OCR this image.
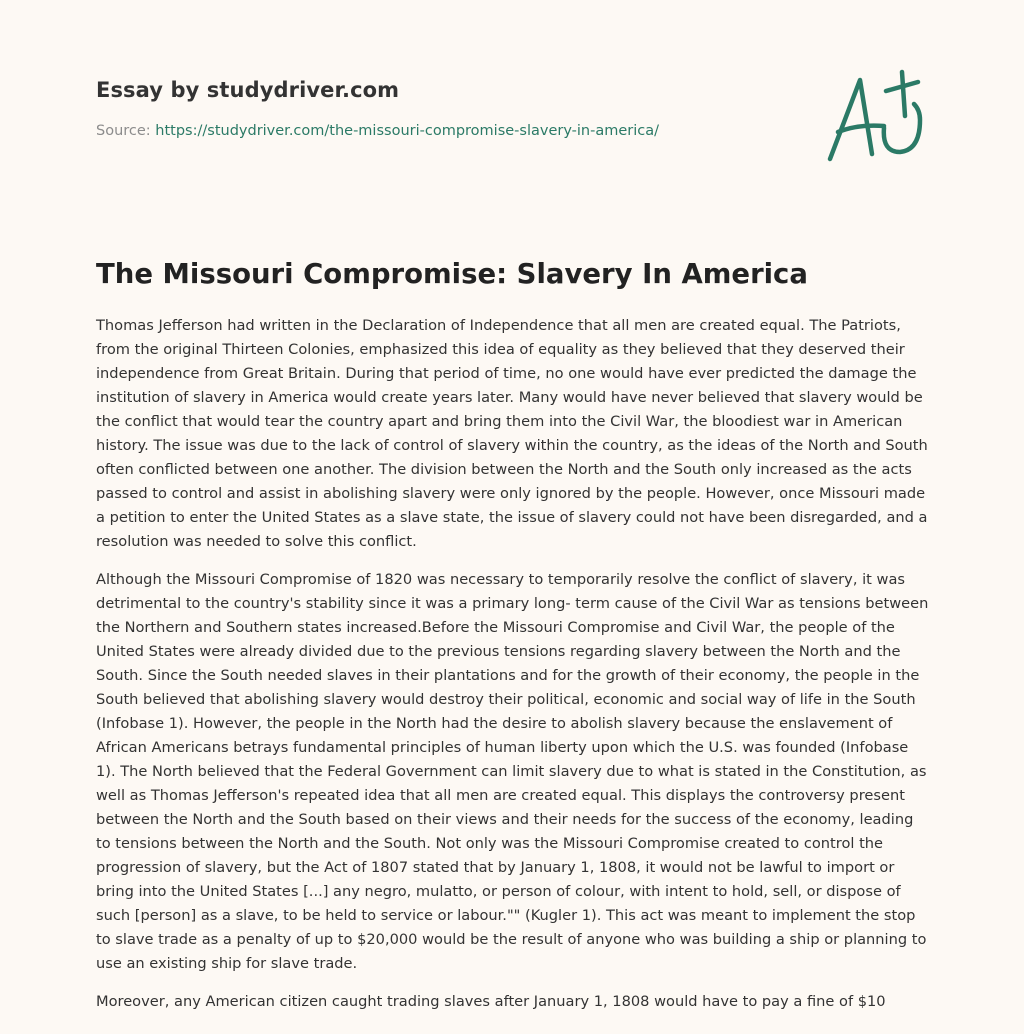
Essay by studydriver.com
Source: https://studydriver.com/the-missouri-compromise-slavery-in-america/
The Missouri Compromise: Slavery In America

Thomas Jefferson had written in the Declaration of Independence that all men are created equal. The Patriots, from the original Thirteen Colonies, emphasized this idea of equality as they believed that they deserved their independence from Great Britain. During that period of time, no one would have ever predicted the damage the institution of slavery in America would create years later. Many would have never believed that slavery would be the conflict that would tear the country apart and bring them into the Civil War, the bloodiest war in American history. The issue was due to the lack of control of slavery within the country, as the ideas of the North and South often conflicted between one another. The division between the North and the South only increased as the acts passed to control and assist in abolishing slavery were only ignored by the people. However, once Missouri made a petition to enter the United States as a slave state, the issue of slavery could not have been disregarded, and a resolution was needed to solve this conflict.

Although the Missouri Compromise of 1820 was necessary to temporarily resolve the conflict of slavery, it was detrimental to the country's stability since it was a primary long- term cause of the Civil War as tensions between the Northern and Southern states increased.Before the Missouri Compromise and Civil War, the people of the United States were already divided due to the previous tensions regarding slavery between the North and the South. Since the South needed slaves in their plantations and for the growth of their economy, the people in the South believed that abolishing slavery would destroy their political, economic and social way of life in the South (Infobase 1). However, the people in the North had the desire to abolish slavery because the enslavement of African Americans betrays fundamental principles of human liberty upon which the U.S. was founded (Infobase 1). The North believed that the Federal Government can limit slavery due to what is stated in the Constitution, as well as Thomas Jefferson's repeated idea that all men are created equal. This displays the controversy present between the North and the South based on their views and their needs for the success of the economy, leading to tensions between the North and the South. Not only was the Missouri Compromise created to control the progression of slavery, but the Act of 1807 stated that by January 1, 1808, it would not be lawful to import or bring into the United States [...] any negro, mulatto, or person of colour, with intent to hold, sell, or dispose of such [person] as a slave, to be held to service or labour."" (Kugler 1). This act was meant to implement the stop to slave trade as a penalty of up to $20,000 would be the result of anyone who was building a ship or planning to use an existing ship for slave trade.

Moreover, any American citizen caught trading slaves after January 1, 1808 would have to pay a fine of $10
